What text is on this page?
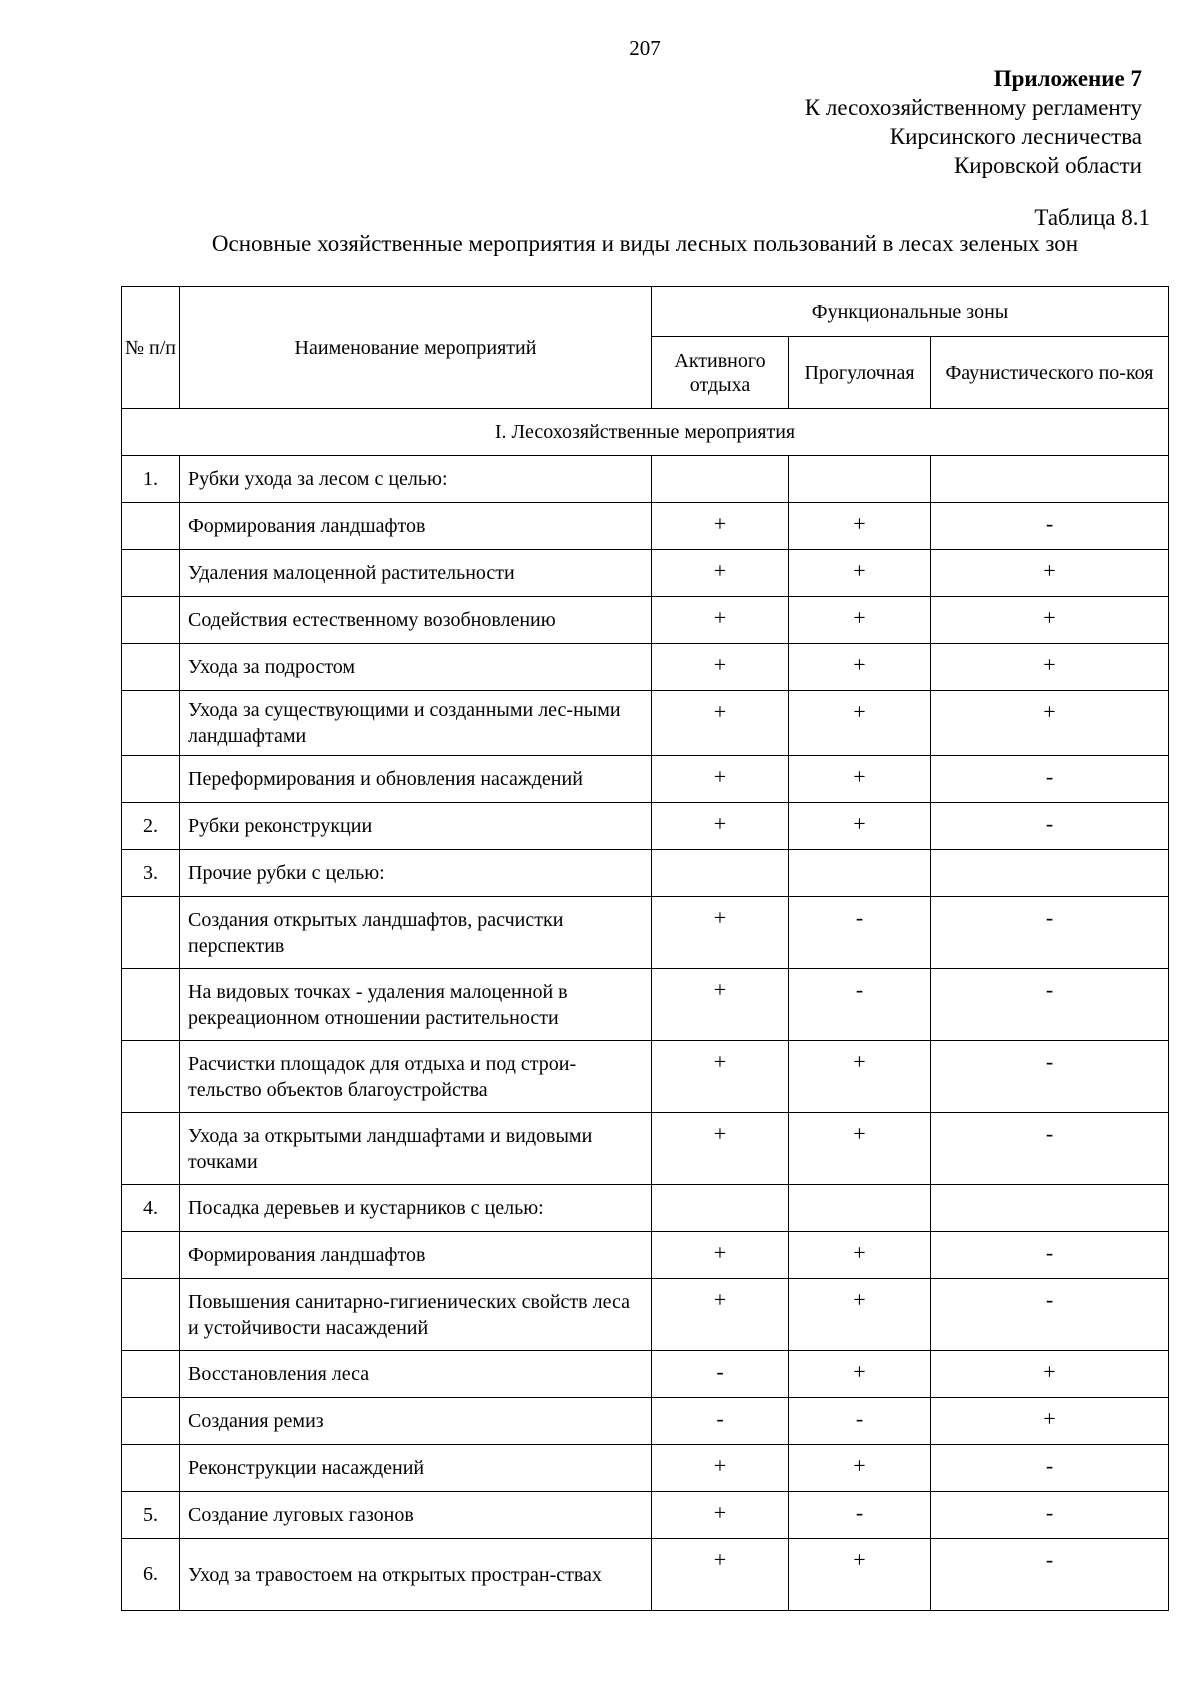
207
Приложение 7
К лесохозяйственному регламенту
Кирсинского лесничества
Кировской области
Таблица 8.1
Основные хозяйственные мероприятия и виды лесных пользований в лесах зеленых зон
№ п/п	Наименование мероприятий	Функциональные зоны		
		Активного отдыха	Прогулочная	Фаунистического по-коя
I. Лесохозяйственные мероприятия				
1.	Рубки ухода за лесом с целью:			
	Формирования ландшафтов	+	+	-
	Удаления малоценной растительности	+	+	+
	Содействия естественному возобновлению	+	+	+
	Ухода за подростом	+	+	+
	Ухода за существующими и созданными лес-ными ландшафтами	+	+	+
	Переформирования и обновления насаждений	+	+	-
2.	Рубки реконструкции	+	+	-
3.	Прочие рубки с целью:			
	Создания открытых ландшафтов, расчистки перспектив	+	-	-
	На видовых точках - удаления малоценной в рекреационном отношении растительности	+	-	-
	Расчистки площадок для отдыха и под строи-тельство объектов благоустройства	+	+	-
	Ухода за открытыми ландшафтами и видовыми точками	+	+	-
4.	Посадка деревьев и кустарников с целью:			
	Формирования ландшафтов	+	+	-
	Повышения санитарно-гигиенических свойств леса и устойчивости насаждений	+	+	-
	Восстановления леса	-	+	+
	Создания ремиз	-	-	+
	Реконструкции насаждений	+	+	-
5.	Создание луговых газонов	+	-	-
6.	Уход за травостоем на открытых простран-ствах	+	+	-
